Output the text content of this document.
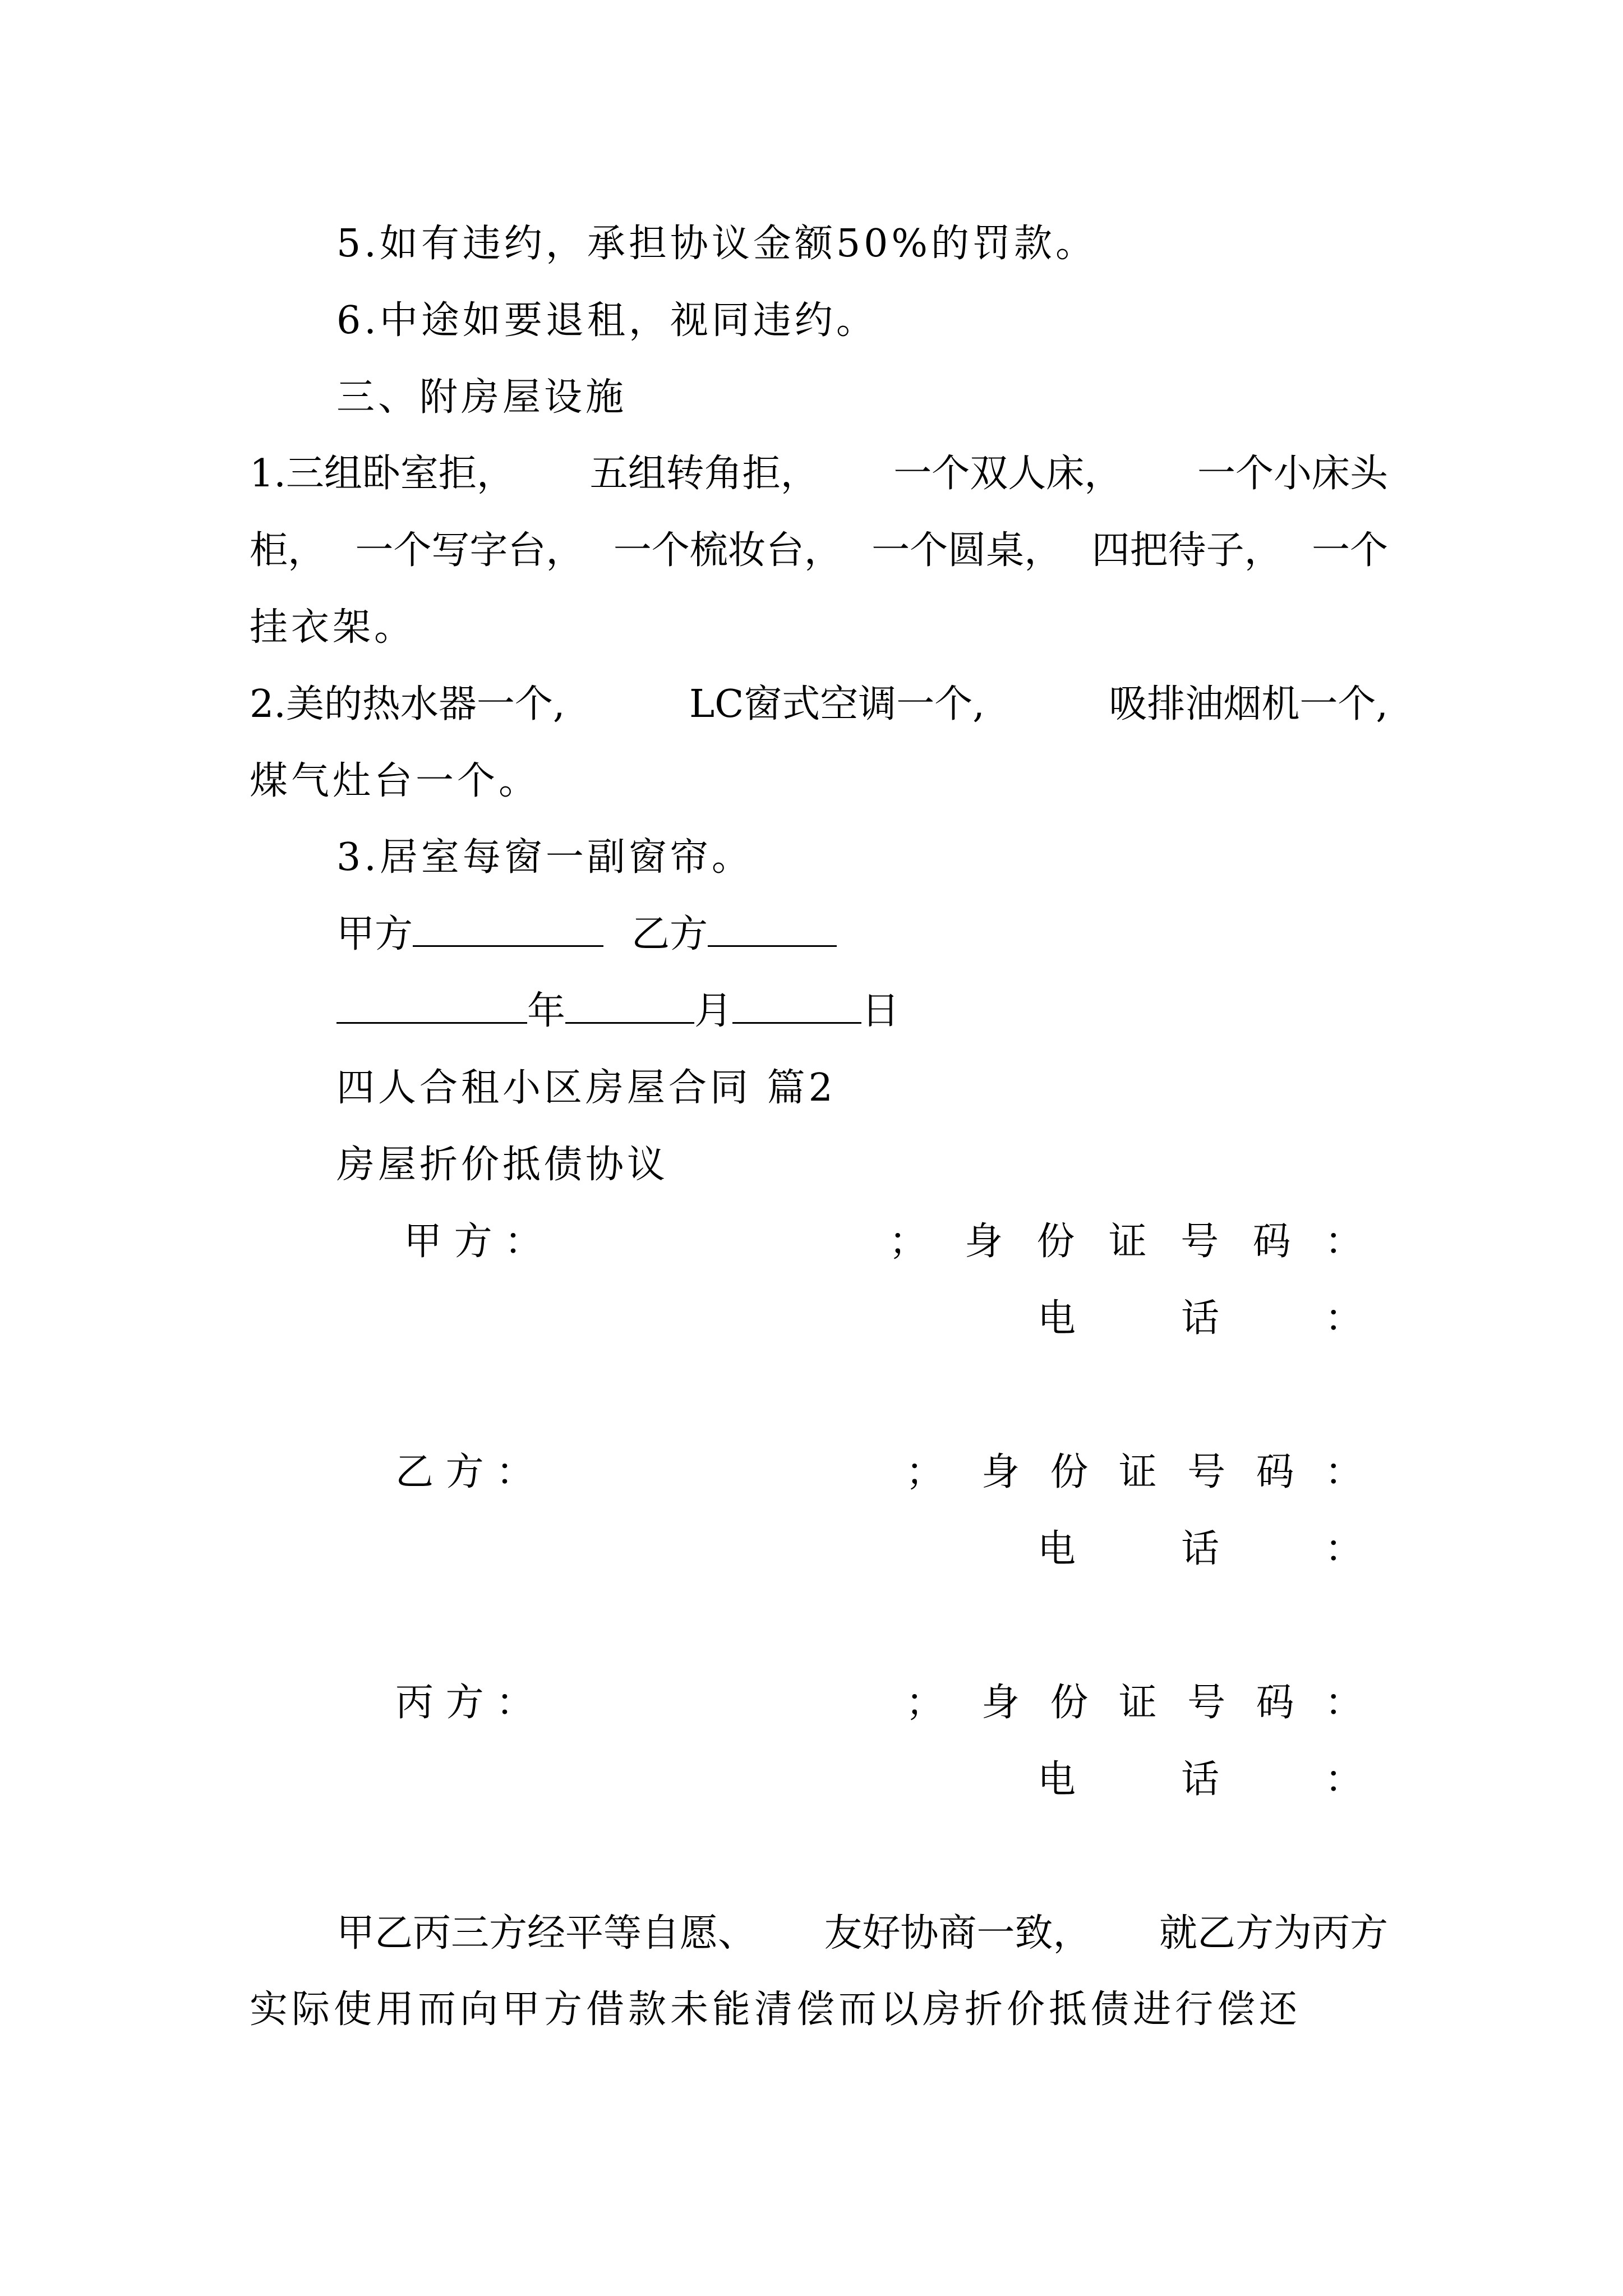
5.如有违约，承担协议金额50%的罚款。
6.中途如要退租，视同违约。
三、附房屋设施
1.三组卧室拒， 五组转角拒， 一个双人床， 一个小床头
柜， 一个写字台， 一个梳妆台， 一个圆桌， 四把待子， 一个
挂衣架。
2.美的热水器一个,	LC窗式空调一个,	吸排油烟机一个,
煤气灶台一个。
3.居室每窗一副窗帘。
甲方	乙方
年	月	日
四人合租小区房屋合同 篇2
房屋折价抵债协议
甲 方 ：	； 身 份 证 号 码 ：
电	话	：
乙 方 ：	； 身 份 证 号 码 ：
电	话	：
丙 方 ：	； 身 份 证 号 码 ：
电	话	：
甲乙丙三方经平等自愿、 友好协商一致， 就乙方为丙方
实际使用而向甲方借款未能清偿而以房折价抵债进行偿还
